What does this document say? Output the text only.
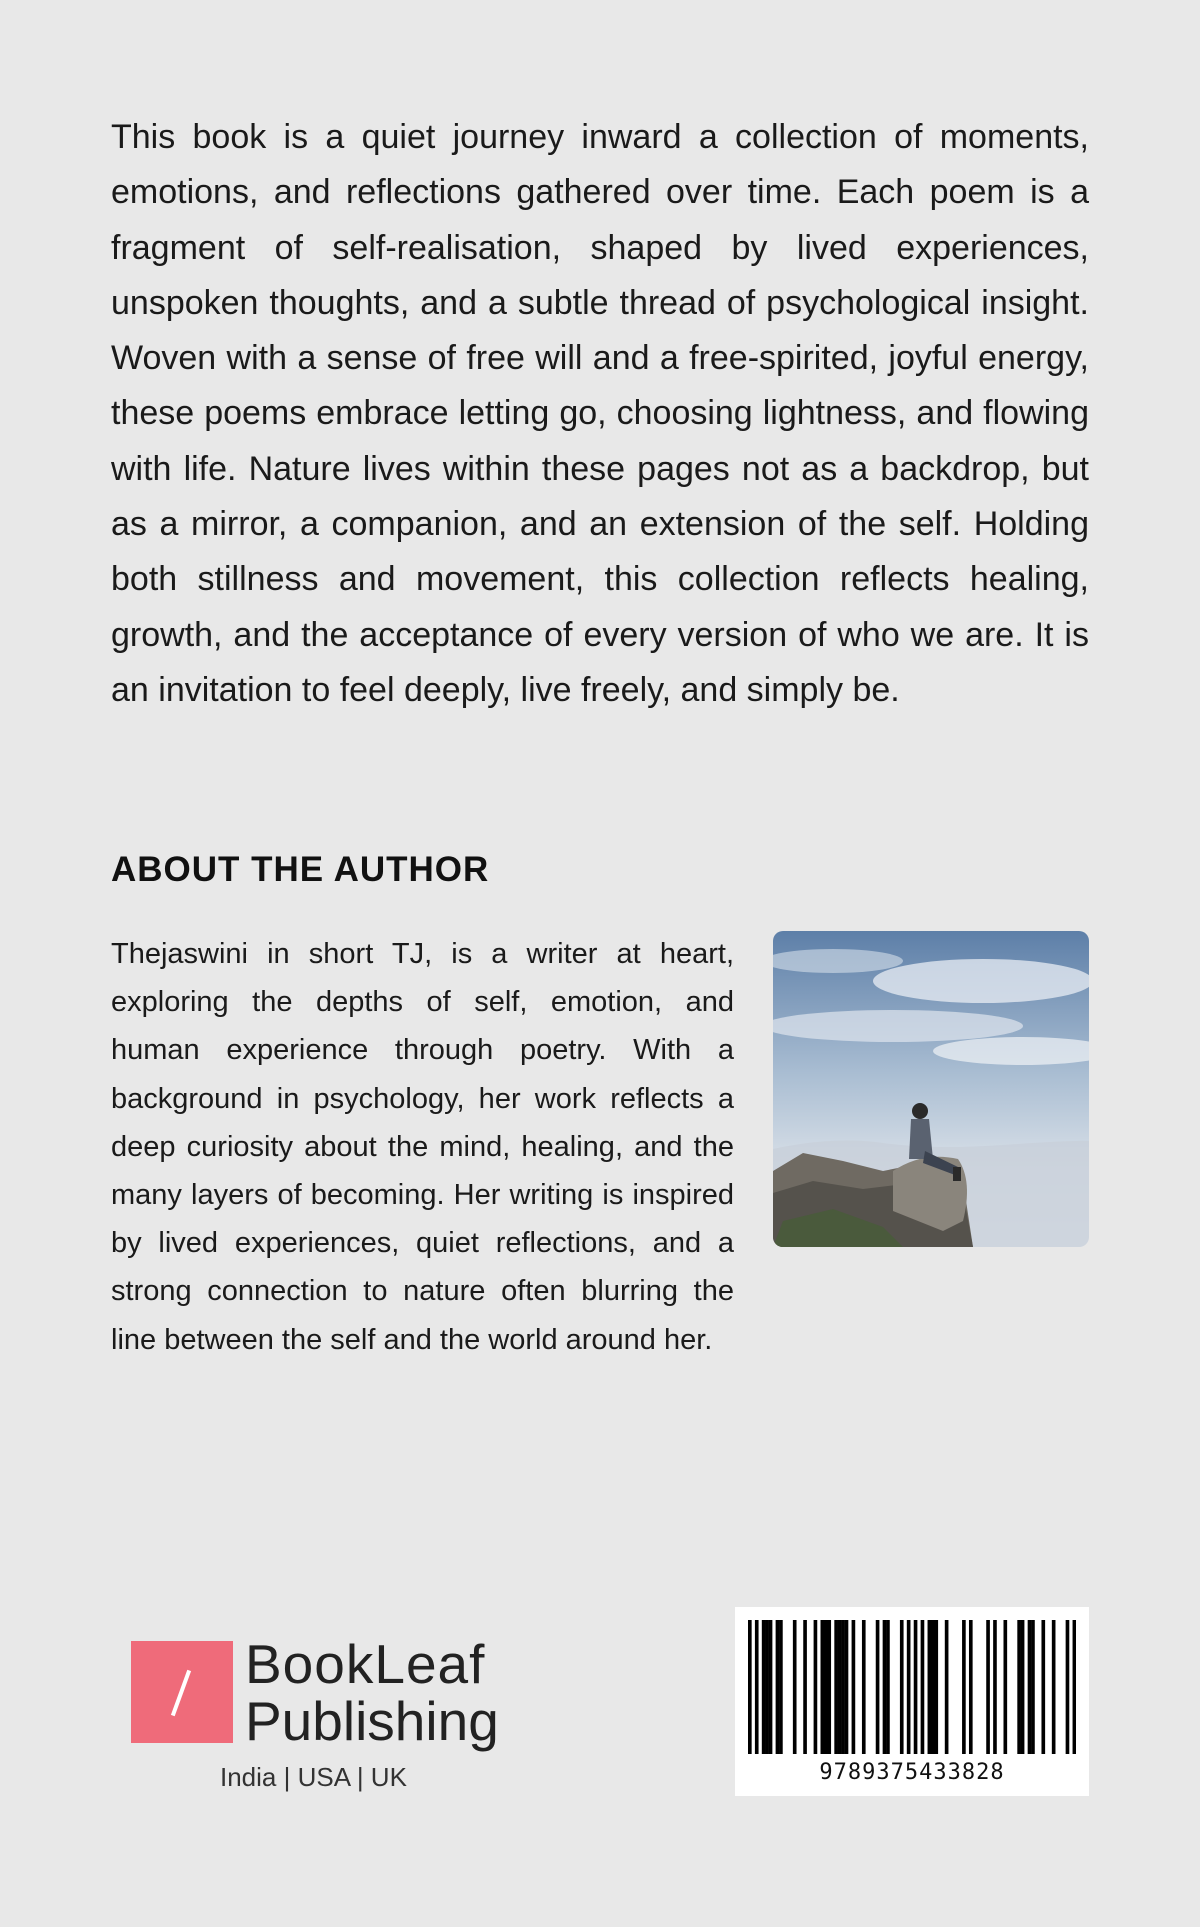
This book is a quiet journey inward a collection of moments, emotions, and reflections gathered over time. Each poem is a fragment of self-realisation, shaped by lived experiences, unspoken thoughts, and a subtle thread of psychological insight. Woven with a sense of free will and a free-spirited, joyful energy, these poems embrace letting go, choosing lightness, and flowing with life. Nature lives within these pages not as a backdrop, but as a mirror, a companion, and an extension of the self. Holding both stillness and movement, this collection reflects healing, growth, and the acceptance of every version of who we are. It is an invitation to feel deeply, live freely, and simply be.

ABOUT THE AUTHOR

Thejaswini in short TJ, is a writer at heart, exploring the depths of self, emotion, and human experience through poetry. With a background in psychology, her work reflects a deep curiosity about the mind, healing, and the many layers of becoming. Her writing is inspired by lived experiences, quiet reflections, and a strong connection to nature often blurring the line between the self and the world around her.

BookLeaf
Publishing
India | USA | UK	9789375433828
